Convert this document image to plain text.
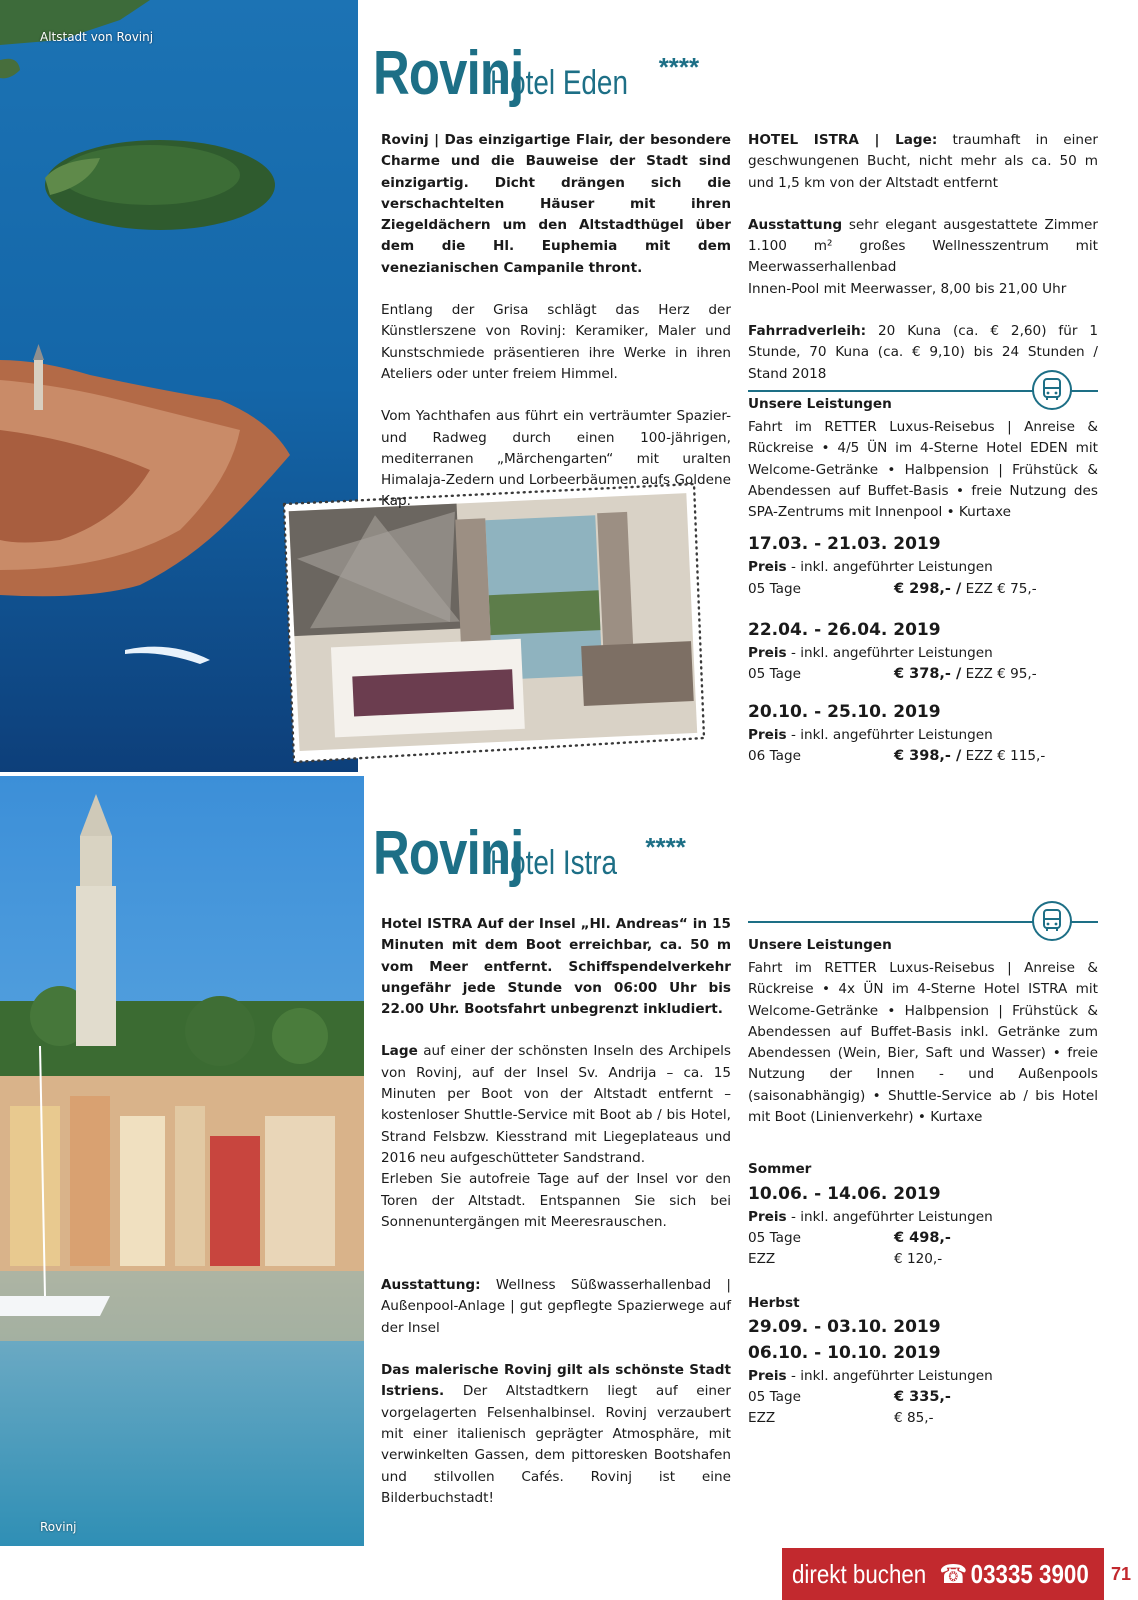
Altstadt von Rovinj
Rovinj
RovinjHotel Eden ****

Rovinj | Das einzigartige Flair, der besondere Charme und die Bauweise der Stadt sind einzigartig. Dicht drängen sich die verschachtelten Häuser mit ihren Ziegeldächern um den Altstadthügel über dem die Hl. Euphemia mit dem venezianischen Campanile thront.

Entlang der Grisa schlägt das Herz der Künstlerszene von Rovinj: Keramiker, Maler und Kunstschmiede präsentieren ihre Werke in ihren Ateliers oder unter freiem Himmel.

Vom Yachthafen aus führt ein verträumter Spazier- und Radweg durch einen 100-jährigen, mediterranen „Märchengarten“ mit uralten Himalaja-Zedern und Lorbeerbäumen aufs Goldene Kap.

HOTEL ISTRA | Lage: traumhaft in einer geschwungenen Bucht, nicht mehr als ca. 50 m und 1,5 km von der Altstadt entfernt

Ausstattung sehr elegant ausgestattete Zimmer 1.100 m² großes Wellnesszentrum mit Meerwasserhallenbad

Innen-Pool mit Meerwasser, 8,00 bis 21,00 Uhr

Fahrradverleih: 20 Kuna (ca. € 2,60) für 1 Stunde, 70 Kuna (ca. € 9,10) bis 24 Stunden / Stand 2018

Unsere Leistungen

Fahrt im RETTER Luxus-Reisebus | Anreise & Rückreise • 4/5 ÜN im 4-Sterne Hotel EDEN mit Welcome-Getränke • Halbpension | Frühstück & Abendessen auf Buffet-Basis • freie Nutzung des SPA-Zentrums mit Innenpool • Kurtaxe

17.03. - 21.03. 2019
Preis - inkl. angeführter Leistungen
05 Tage	€ 298,- / EZZ € 75,-
22.04. - 26.04. 2019
Preis - inkl. angeführter Leistungen
05 Tage	€ 378,- / EZZ € 95,-
20.10. - 25.10. 2019
Preis - inkl. angeführter Leistungen
06 Tage	€ 398,- / EZZ € 115,-
RovinjHotel Istra ****

Hotel ISTRA Auf der Insel „Hl. Andreas“ in 15 Minuten mit dem Boot erreichbar, ca. 50 m vom Meer entfernt. Schiffspendelverkehr ungefähr jede Stunde von 06:00 Uhr bis 22.00 Uhr. Bootsfahrt unbegrenzt inkludiert.

Lage auf einer der schönsten Inseln des Archipels von Rovinj, auf der Insel Sv. Andrija – ca. 15 Minuten per Boot von der Altstadt entfernt – kostenloser Shuttle-Service mit Boot ab / bis Hotel, Strand Felsbzw. Kiesstrand mit Liegeplateaus und 2016 neu aufgeschütteter Sandstrand.

Erleben Sie autofreie Tage auf der Insel vor den Toren der Altstadt. Entspannen Sie sich bei Sonnenuntergängen mit Meeresrauschen.

Ausstattung: Wellness Süßwasserhallenbad | Außenpool-Anlage | gut gepflegte Spazierwege auf der Insel

Das malerische Rovinj gilt als schönste Stadt Istriens. Der Altstadtkern liegt auf einer vorgelagerten Felsenhalbinsel. Rovinj verzaubert mit einer italienisch geprägter Atmosphäre, mit verwinkelten Gassen, dem pittoresken Bootshafen und stilvollen Cafés. Rovinj ist eine Bilderbuchstadt!

Unsere Leistungen

Fahrt im RETTER Luxus-Reisebus | Anreise & Rückreise • 4x ÜN im 4-Sterne Hotel ISTRA mit Welcome-Getränke • Halbpension | Frühstück & Abendessen auf Buffet-Basis inkl. Getränke zum Abendessen (Wein, Bier, Saft und Wasser) • freie Nutzung der Innen - und Außenpools (saisonabhängig) • Shuttle-Service ab / bis Hotel mit Boot (Linienverkehr) • Kurtaxe

Sommer
10.06. - 14.06. 2019
Preis - inkl. angeführter Leistungen
05 Tage	€ 498,-
EZZ	€ 120,-
Herbst
29.09. - 03.10. 2019
06.10. - 10.10. 2019
Preis - inkl. angeführter Leistungen
05 Tage	€ 335,-
EZZ	€ 85,-
direkt buchen ☎ 03335 3900	71
